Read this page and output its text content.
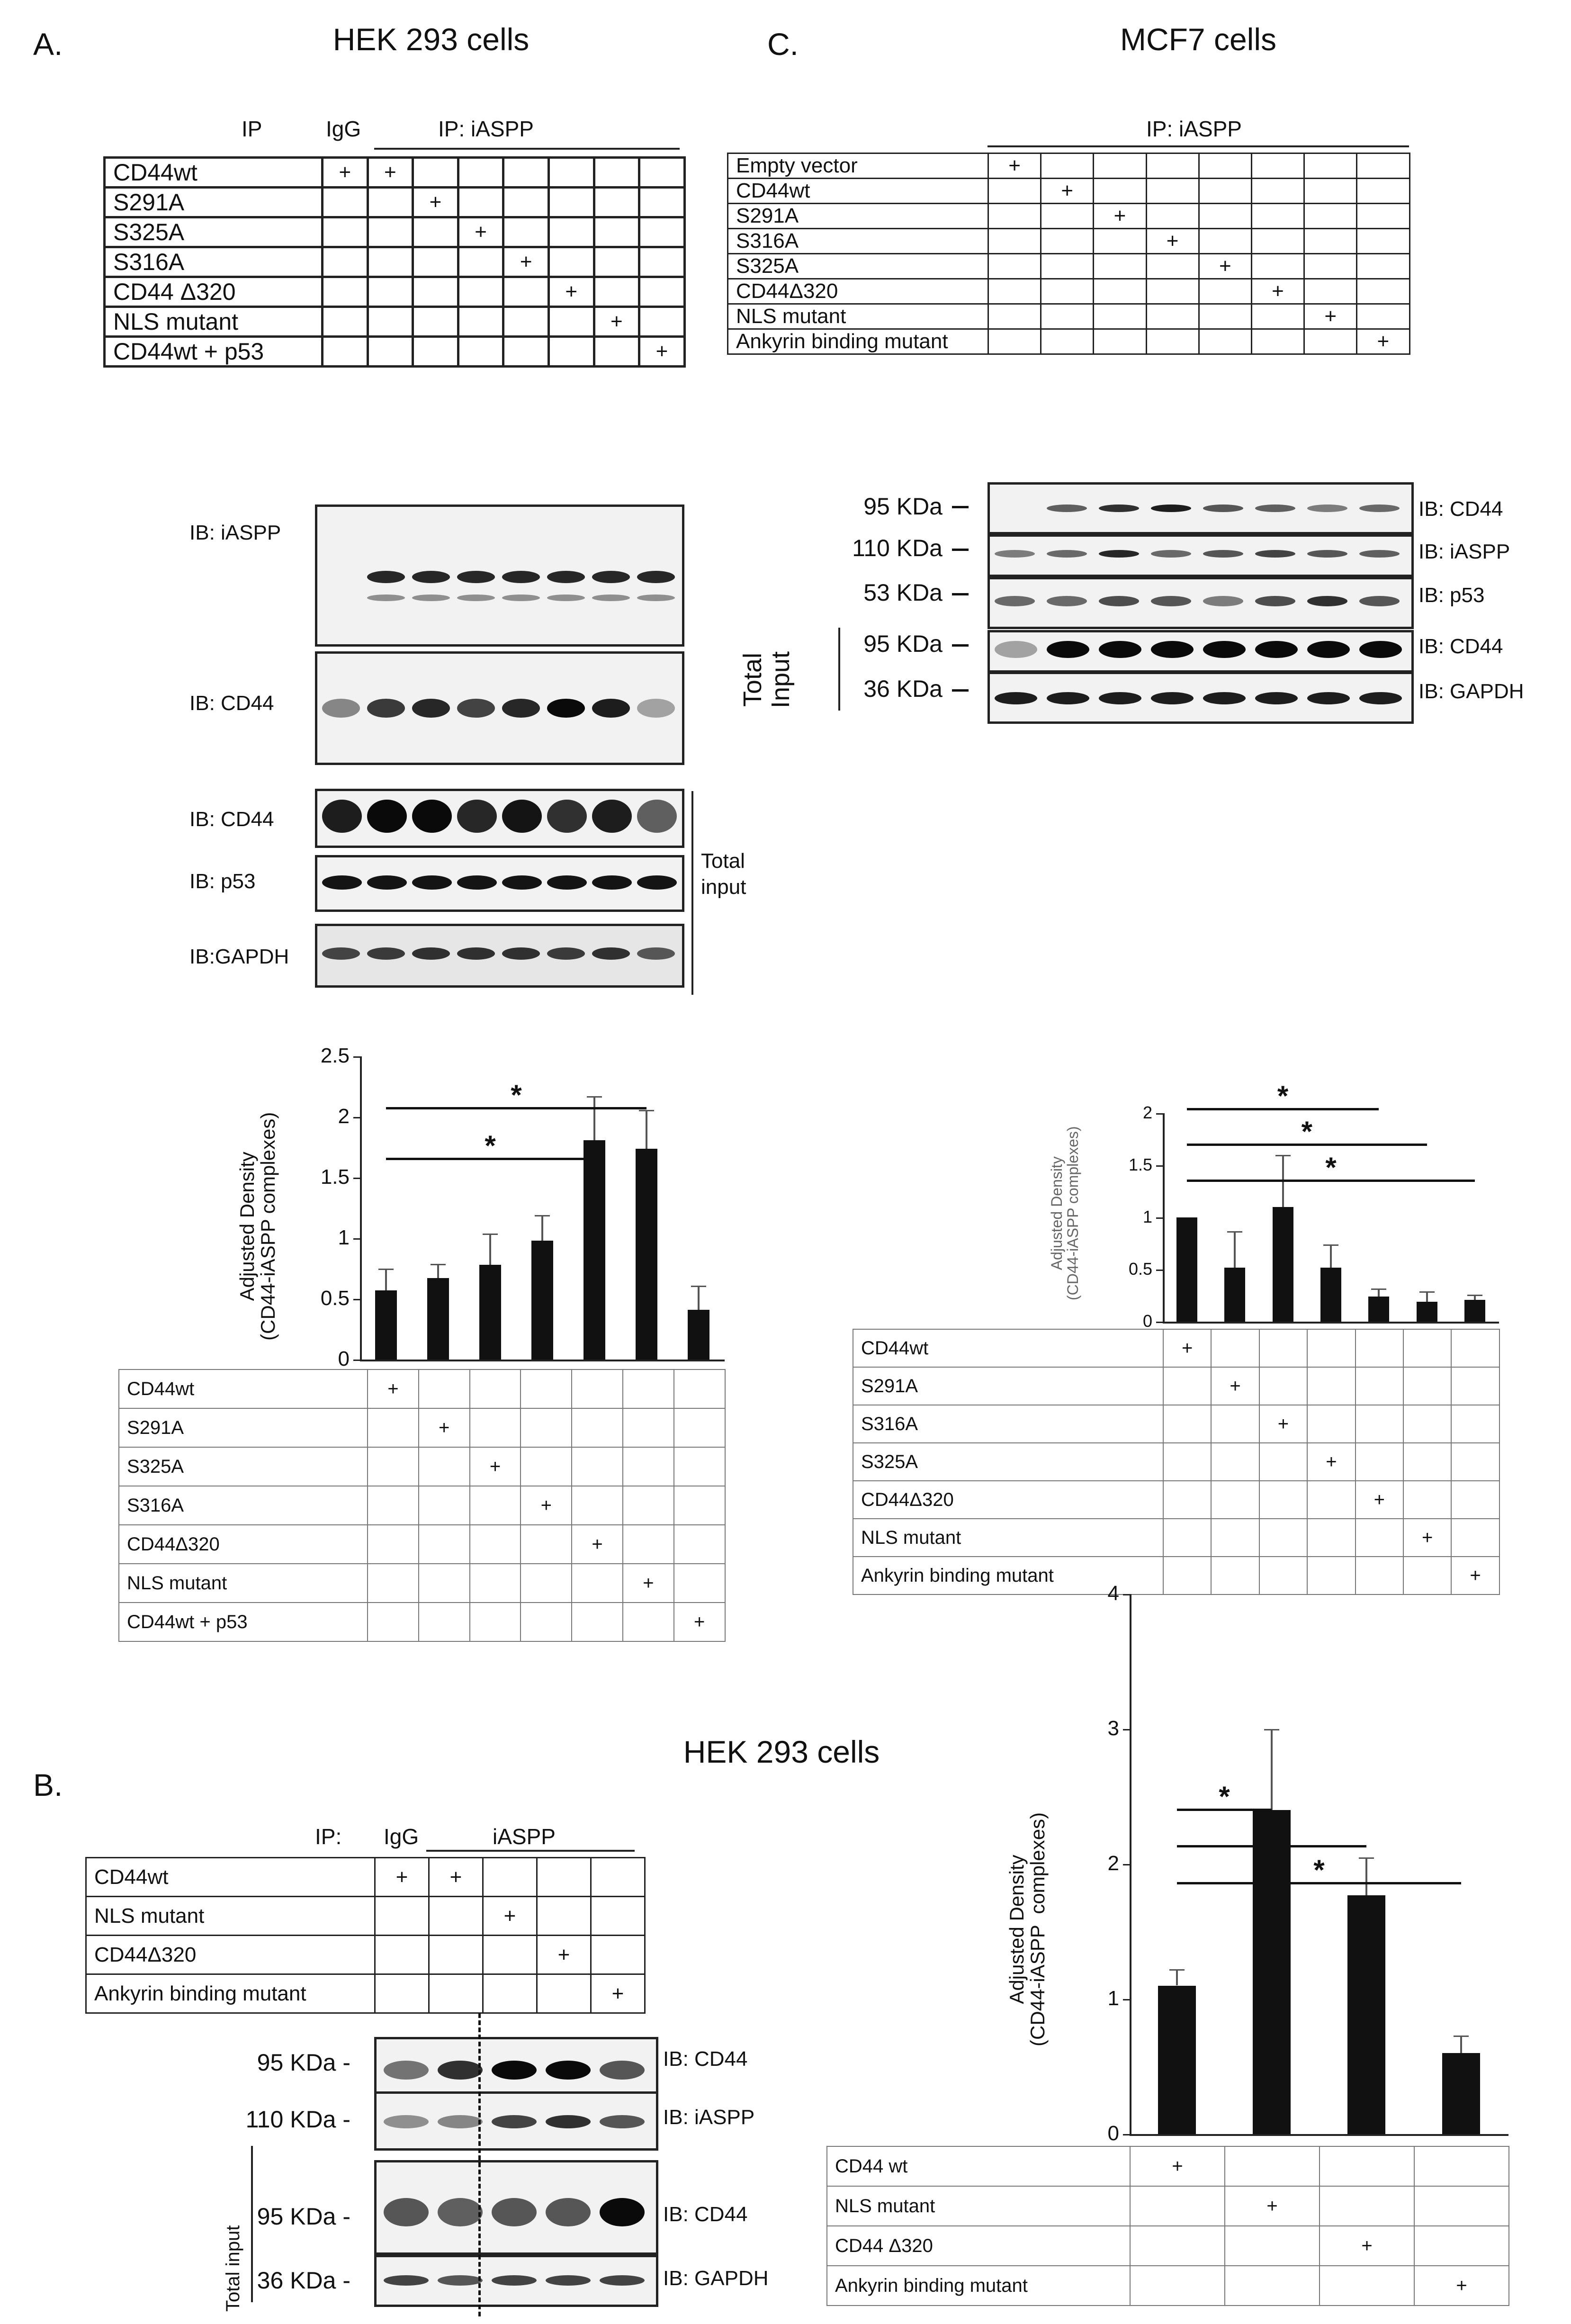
A.	HEK 293 cells
IP	IgG	IP: iASPP
CD44wt	+	+						
S291A			+					
S325A				+				
S316A					+			
CD44 Δ320						+		
NLS mutant							+	
CD44wt + p53								+
IB: iASPP
IB: CD44
IB: CD44
IB: p53
IB:GAPDH
Total
input
0
0.5
1
1.5
2
2.5
*
*
Adjusted Density
(CD44-iASPP complexes)
CD44wt	+						
S291A		+					
S325A			+				
S316A				+			
CD44Δ320					+		
NLS mutant						+	
CD44wt + p53							+
C.	MCF7 cells
IP: iASPP
Empty vector	+							
CD44wt		+						
S291A			+					
S316A				+				
S325A					+			
CD44Δ320						+		
NLS mutant							+	
Ankyrin binding mutant								+
95 KDa
110 KDa
53 KDa
95 KDa
36 KDa
Total
Input
IB: CD44
IB: iASPP
IB: p53
IB: CD44
IB: GAPDH
0
0.5
1
1.5
2
*
*
*
Adjusted Density
(CD44-iASPP complexes)
CD44wt	+						
S291A		+					
S316A			+				
S325A				+			
CD44Δ320					+		
NLS mutant						+	
Ankyrin binding mutant							+
B.
HEK 293 cells
IP: IgG	iASPP
CD44wt	+	+			
NLS mutant			+		
CD44Δ320				+	
Ankyrin binding mutant					+
95 KDa -
110 KDa -
95 KDa -
36 KDa -
Total input
IB: CD44
IB: iASPP
IB: CD44
IB: GAPDH
0
1
2
3
4
*
*
*
Adjusted Density
(CD44-iASPP  complexes)
CD44 wt	+			
NLS mutant		+		
CD44 Δ320			+	
Ankyrin binding mutant				+
